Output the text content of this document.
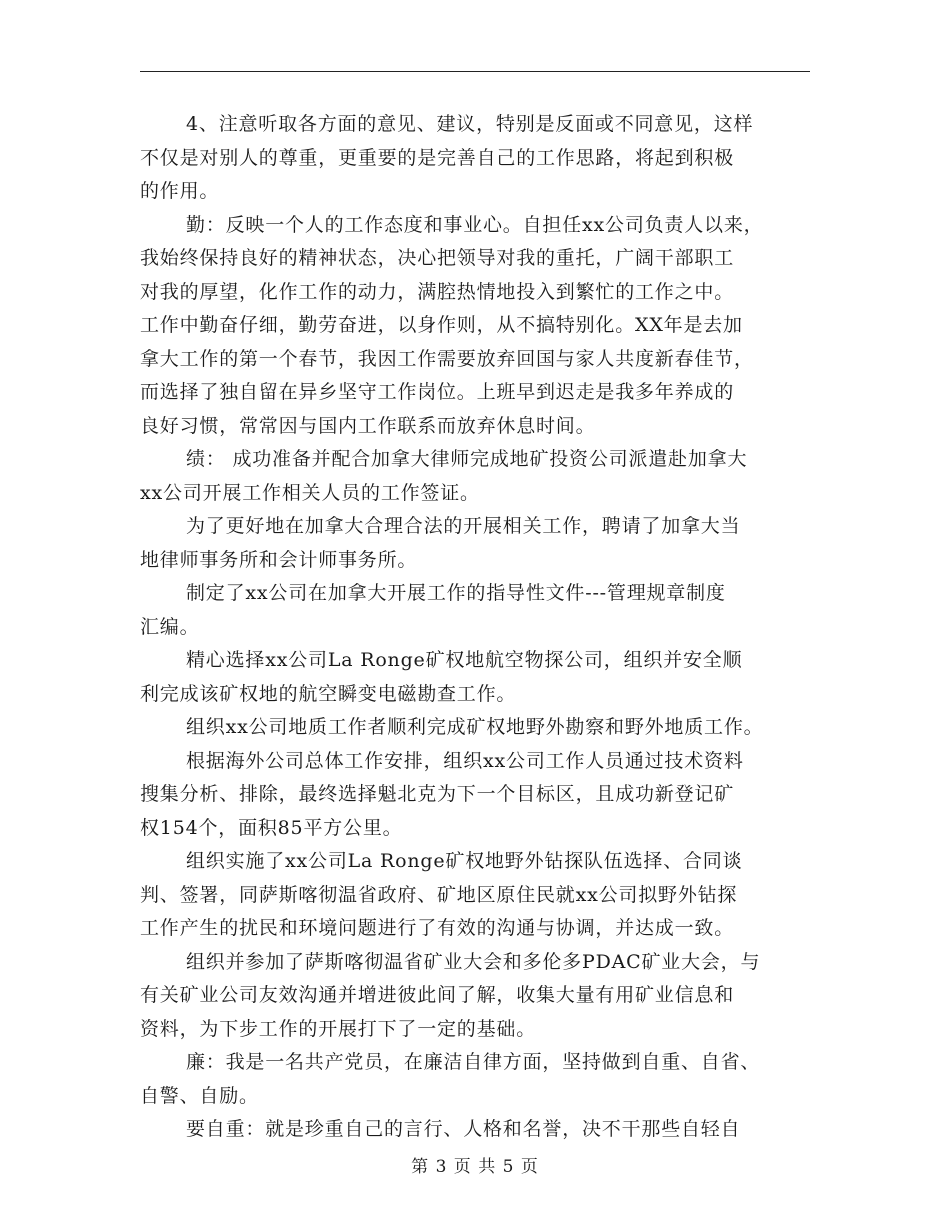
4、注意听取各方面的意见、建议，特别是反面或不同意见，这样
不仅是对别人的尊重，更重要的是完善自己的工作思路，将起到积极
的作用。
勤：反映一个人的工作态度和事业心。自担任xx公司负责人以来，
我始终保持良好的精神状态，决心把领导对我的重托，广阔干部职工
对我的厚望，化作工作的动力，满腔热情地投入到繁忙的工作之中。
工作中勤奋仔细，勤劳奋进，以身作则，从不搞特别化。XX年是去加
拿大工作的第一个春节，我因工作需要放弃回国与家人共度新春佳节，
而选择了独自留在异乡坚守工作岗位。上班早到迟走是我多年养成的
良好习惯，常常因与国内工作联系而放弃休息时间。
绩： 成功准备并配合加拿大律师完成地矿投资公司派遣赴加拿大
xx公司开展工作相关人员的工作签证。
为了更好地在加拿大合理合法的开展相关工作，聘请了加拿大当
地律师事务所和会计师事务所。
制定了xx公司在加拿大开展工作的指导性文件---管理规章制度
汇编。
精心选择xx公司La Ronge矿权地航空物探公司，组织并安全顺
利完成该矿权地的航空瞬变电磁勘查工作。
组织xx公司地质工作者顺利完成矿权地野外勘察和野外地质工作。
根据海外公司总体工作安排，组织xx公司工作人员通过技术资料
搜集分析、排除，最终选择魁北克为下一个目标区，且成功新登记矿
权154个，面积85平方公里。
组织实施了xx公司La Ronge矿权地野外钻探队伍选择、合同谈
判、签署，同萨斯喀彻温省政府、矿地区原住民就xx公司拟野外钻探
工作产生的扰民和环境问题进行了有效的沟通与协调，并达成一致。
组织并参加了萨斯喀彻温省矿业大会和多伦多PDAC矿业大会，与
有关矿业公司友效沟通并增进彼此间了解，收集大量有用矿业信息和
资料，为下步工作的开展打下了一定的基础。
廉：我是一名共产党员，在廉洁自律方面，坚持做到自重、自省、
自警、自励。
要自重：就是珍重自己的言行、人格和名誉，决不干那些自轻自
第 3 页 共 5 页
